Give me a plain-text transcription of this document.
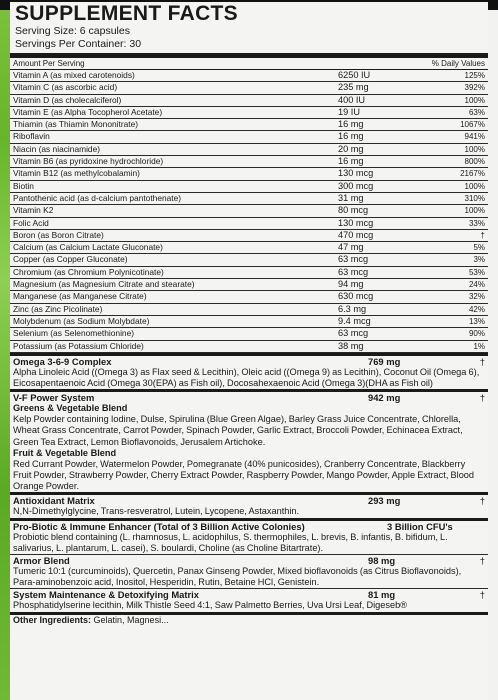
SUPPLEMENT FACTS
Serving Size: 6 capsules
Servings Per Container: 30
Amount Per Serving	% Daily Values
Vitamin A (as mixed carotenoids)	6250 IU	125%
Vitamin C (as ascorbic acid)	235 mg	392%
Vitamin D (as cholecalciferol)	400 IU	100%
Vitamin E (as Alpha Tocopherol Acetate)	19 IU	63%
Thiamin (as Thiamin Mononitrate)	16 mg	1067%
Riboflavin	16 mg	941%
Niacin (as niacinamide)	20 mg	100%
Vitamin B6 (as pyridoxine hydrochloride)	16 mg	800%
Vitamin B12 (as methylcobalamin)	130 mcg	2167%
Biotin	300 mcg	100%
Pantothenic acid (as d-calcium pantothenate)	31 mg	310%
Vitamin K2	80 mcg	100%
Folic Acid	130 mcg	33%
Boron (as Boron Citrate)	470 mcg	†
Calcium (as Calcium Lactate Gluconate)	47 mg	5%
Copper (as Copper Gluconate)	63 mcg	3%
Chromium (as Chromium Polynicotinate)	63 mcg	53%
Magnesium (as Magnesium Citrate and stearate)	94 mg	24%
Manganese (as Manganese Citrate)	630 mcg	32%
Zinc (as Zinc Picolinate)	6.3 mg	42%
Molybdenum (as Sodium Molybdate)	9.4 mcg	13%
Selenium (as Selenomethionine)	63 mcg	90%
Potassium (as Potassium Chloride)	38 mg	1%
Omega 3-6-9 Complex	769 mg	†
Alpha Linoleic Acid ((Omega 3) as Flax seed & Lecithin), Oleic acid ((Omega 9) as Lecithin), Coconut Oil (Omega 6), Eicosapentaenoic Acid (Omega 30(EPA) as Fish oil), Docosahexaenoic Acid (Omega 3)(DHA as Fish oil)
V-F Power System	942 mg	†
Greens & Vegetable Blend
Kelp Powder containing Iodine, Dulse, Spirulina (Blue Green Algae), Barley Grass Juice Concentrate, Chlorella, Wheat Grass Concentrate, Carrot Powder, Spinach Powder, Garlic Extract, Broccoli Powder, Echinacea Extract, Green Tea Extract, Lemon Bioflavonoids, Jerusalem Artichoke.
Fruit & Vegetable Blend
Red Currant Powder, Watermelon Powder, Pomegranate (40% punicosides), Cranberry Concentrate, Blackberry Fruit Powder, Strawberry Powder, Cherry Extract Powder, Raspberry Powder, Mango Powder, Apple Extract, Blood Orange Powder.
Antioxidant Matrix	293 mg	†
N,N-Dimethylglycine, Trans-resveratrol, Lutein, Lycopene, Astaxanthin.
Pro-Biotic & Immune Enhancer (Total of 3 Billion Active Colonies)	3 Billion CFU's
Probiotic blend containing (L. rhamnosus, L. acidophilus, S. thermophiles, L. brevis, B. infantis, B. bifidum, L. salivarius, L. plantarum, L. casei), S. boulardi, Choline (as Choline Bitartrate).
Armor Blend	98 mg	†
Tumeric 10:1 (curcuminoids), Quercetin, Panax Ginseng Powder, Mixed bioflavonoids (as Citrus Bioflavonoids), Para-aminobenzoic acid, Inositol, Hesperidin, Rutin, Betaine HCl, Genistein.
System Maintenance & Detoxifying Matrix	81 mg	†
Phosphatidylserine lecithin, Milk Thistle Seed 4:1, Saw Palmetto Berries, Uva Ursi Leaf, Digeseb®
Other Ingredients: Gelatin, Magnesi...
